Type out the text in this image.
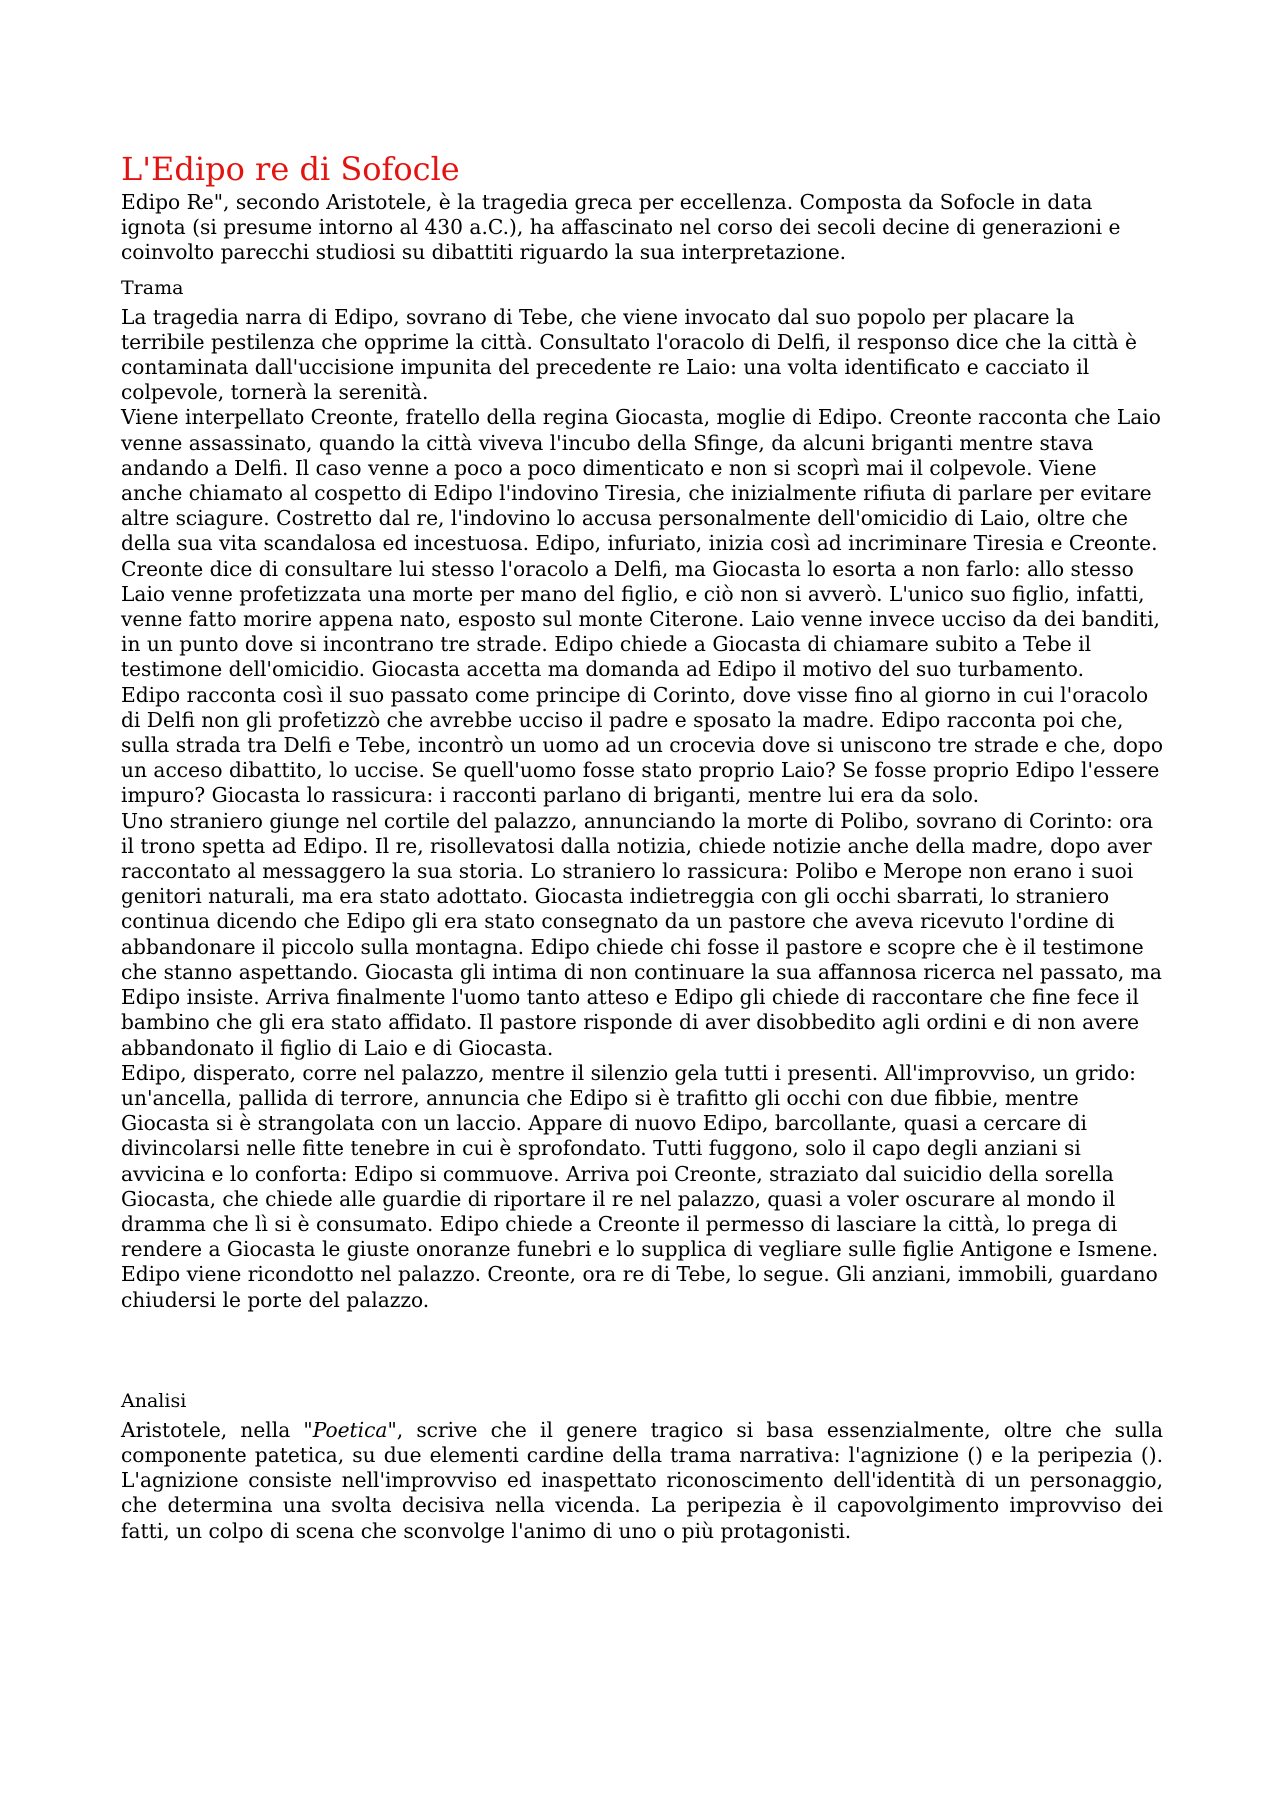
L'Edipo re di Sofocle

Edipo Re", secondo Aristotele, è la tragedia greca per eccellenza. Composta da Sofocle in data ignota (si presume intorno al 430 a.C.), ha affascinato nel corso dei secoli decine di generazioni e coinvolto parecchi studiosi su dibattiti riguardo la sua interpretazione.

Trama

La tragedia narra di Edipo, sovrano di Tebe, che viene invocato dal suo popolo per placare la terribile pestilenza che opprime la città. Consultato l'oracolo di Delfi, il responso dice che la città è contaminata dall'uccisione impunita del precedente re Laio: una volta identificato e cacciato il colpevole, tornerà la serenità.

Viene interpellato Creonte, fratello della regina Giocasta, moglie di Edipo. Creonte racconta che Laio venne assassinato, quando la città viveva l'incubo della Sfinge, da alcuni briganti mentre stava andando a Delfi. Il caso venne a poco a poco dimenticato e non si scoprì mai il colpevole. Viene anche chiamato al cospetto di Edipo l'indovino Tiresia, che inizialmente rifiuta di parlare per evitare altre sciagure. Costretto dal re, l'indovino lo accusa personalmente dell'omicidio di Laio, oltre che della sua vita scandalosa ed incestuosa. Edipo, infuriato, inizia così ad incriminare Tiresia e Creonte. Creonte dice di consultare lui stesso l'oracolo a Delfi, ma Giocasta lo esorta a non farlo: allo stesso Laio venne profetizzata una morte per mano del figlio, e ciò non si avverò. L'unico suo figlio, infatti, venne fatto morire appena nato, esposto sul monte Citerone. Laio venne invece ucciso da dei banditi, in un punto dove si incontrano tre strade. Edipo chiede a Giocasta di chiamare subito a Tebe il testimone dell'omicidio. Giocasta accetta ma domanda ad Edipo il motivo del suo turbamento.

Edipo racconta così il suo passato come principe di Corinto, dove visse fino al giorno in cui l'oracolo di Delfi non gli profetizzò che avrebbe ucciso il padre e sposato la madre. Edipo racconta poi che, sulla strada tra Delfi e Tebe, incontrò un uomo ad un crocevia dove si uniscono tre strade e che, dopo un acceso dibattito, lo uccise. Se quell'uomo fosse stato proprio Laio? Se fosse proprio Edipo l'essere impuro? Giocasta lo rassicura: i racconti parlano di briganti, mentre lui era da solo.

Uno straniero giunge nel cortile del palazzo, annunciando la morte di Polibo, sovrano di Corinto: ora il trono spetta ad Edipo. Il re, risollevatosi dalla notizia, chiede notizie anche della madre, dopo aver raccontato al messaggero la sua storia. Lo straniero lo rassicura: Polibo e Merope non erano i suoi genitori naturali, ma era stato adottato. Giocasta indietreggia con gli occhi sbarrati, lo straniero continua dicendo che Edipo gli era stato consegnato da un pastore che aveva ricevuto l'ordine di abbandonare il piccolo sulla montagna. Edipo chiede chi fosse il pastore e scopre che è il testimone che stanno aspettando. Giocasta gli intima di non continuare la sua affannosa ricerca nel passato, ma Edipo insiste. Arriva finalmente l'uomo tanto atteso e Edipo gli chiede di raccontare che fine fece il bambino che gli era stato affidato. Il pastore risponde di aver disobbedito agli ordini e di non avere abbandonato il figlio di Laio e di Giocasta.

Edipo, disperato, corre nel palazzo, mentre il silenzio gela tutti i presenti. All'improvviso, un grido: un'ancella, pallida di terrore, annuncia che Edipo si è trafitto gli occhi con due fibbie, mentre Giocasta si è strangolata con un laccio. Appare di nuovo Edipo, barcollante, quasi a cercare di divincolarsi nelle fitte tenebre in cui è sprofondato. Tutti fuggono, solo il capo degli anziani si avvicina e lo conforta: Edipo si commuove. Arriva poi Creonte, straziato dal suicidio della sorella Giocasta, che chiede alle guardie di riportare il re nel palazzo, quasi a voler oscurare al mondo il dramma che lì si è consumato. Edipo chiede a Creonte il permesso di lasciare la città, lo prega di rendere a Giocasta le giuste onoranze funebri e lo supplica di vegliare sulle figlie Antigone e Ismene. Edipo viene ricondotto nel palazzo. Creonte, ora re di Tebe, lo segue. Gli anziani, immobili, guardano chiudersi le porte del palazzo.

Analisi

Aristotele, nella "Poetica", scrive che il genere tragico si basa essenzialmente, oltre che sulla componente patetica, su due elementi cardine della trama narrativa: l'agnizione () e la peripezia (). L'agnizione consiste nell'improvviso ed inaspettato riconoscimento dell'identità di un personaggio, che determina una svolta decisiva nella vicenda. La peripezia è il capovolgimento improvviso dei fatti, un colpo di scena che sconvolge l'animo di uno o più protagonisti.
